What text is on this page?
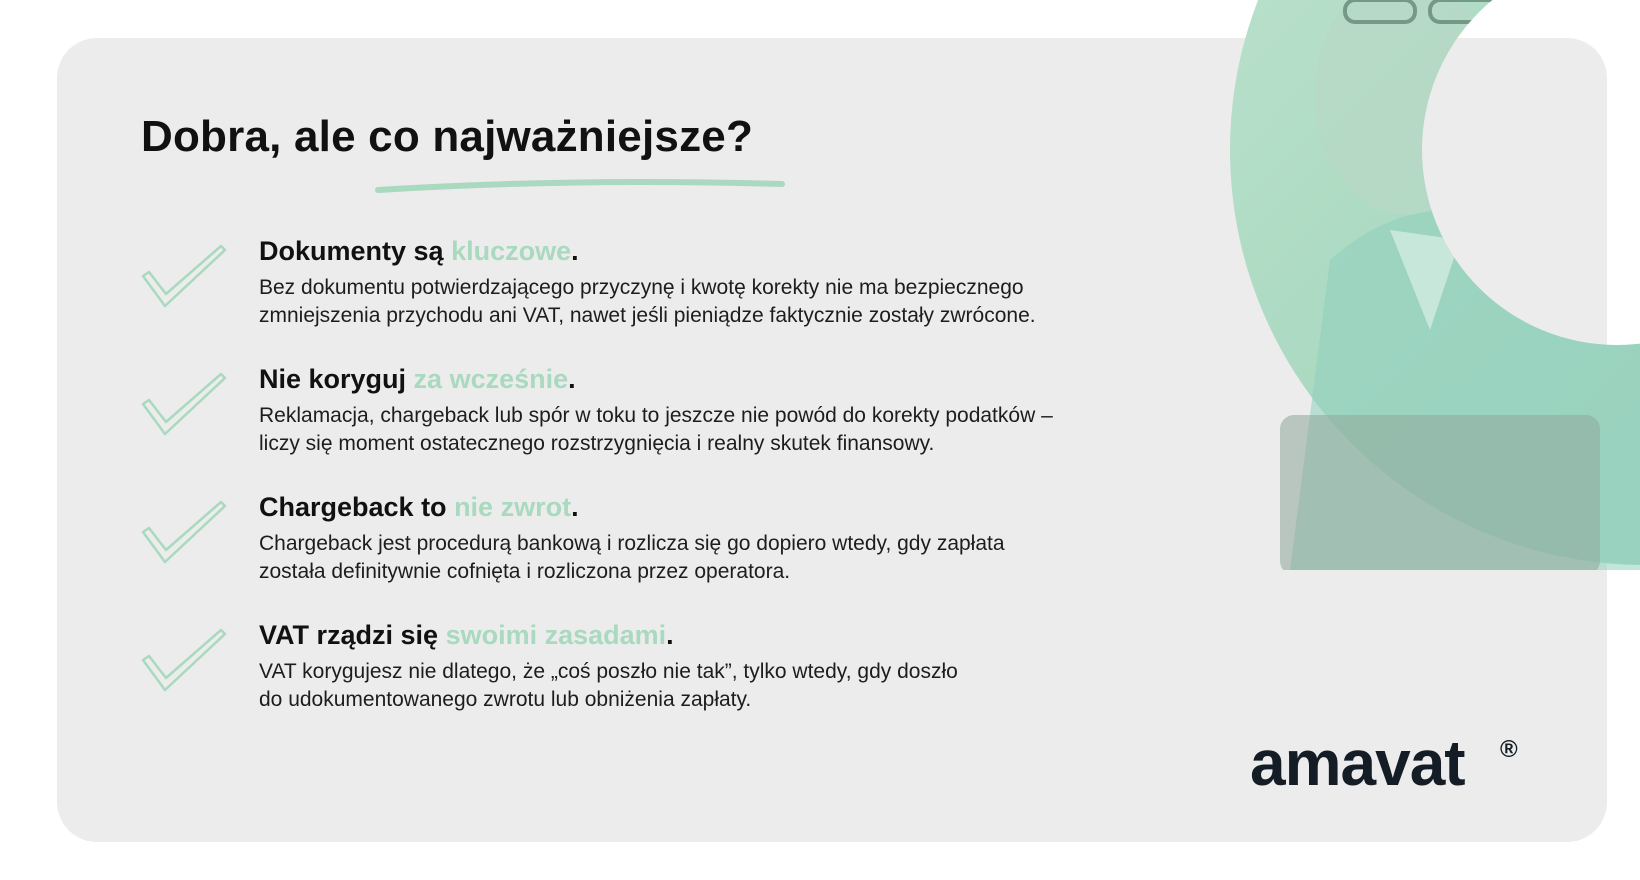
Dobra, ale co najważniejsze?
Dokumenty są kluczowe.

Bez dokumentu potwierdzającego przyczynę i kwotę korekty nie ma bezpiecznego
zmniejszenia przychodu ani VAT, nawet jeśli pieniądze faktycznie zostały zwrócone.

Nie koryguj za wcześnie.

Reklamacja, chargeback lub spór w toku to jeszcze nie powód do korekty podatków –
liczy się moment ostatecznego rozstrzygnięcia i realny skutek finansowy.

Chargeback to nie zwrot.

Chargeback jest procedurą bankową i rozlicza się go dopiero wtedy, gdy zapłata
została definitywnie cofnięta i rozliczona przez operatora.

VAT rządzi się swoimi zasadami.

VAT korygujesz nie dlatego, że „coś poszło nie tak”, tylko wtedy, gdy doszło
do udokumentowanego zwrotu lub obniżenia zapłaty.

amavat ®
